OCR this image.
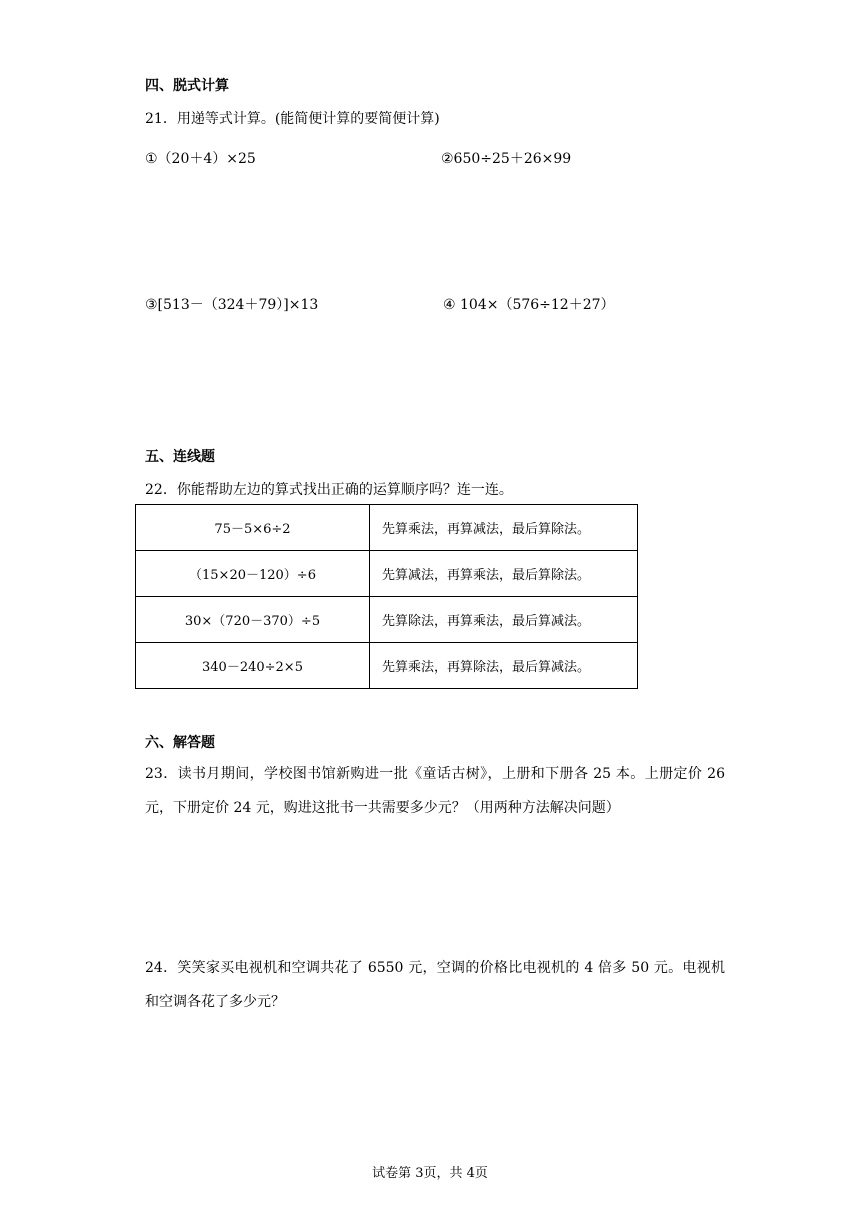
四、脱式计算
21．用递等式计算。(能简便计算的要简便计算)
①（20＋4）×25	②650÷25＋26×99
③[513－（324＋79）]×13	④ 104×（576÷12＋27）
五、连线题
22．你能帮助左边的算式找出正确的运算顺序吗？连一连。
75－5×6÷2	先算乘法，再算减法，最后算除法。
（15×20－120）÷6	先算减法，再算乘法，最后算除法。
30×（720－370）÷5	先算除法，再算乘法，最后算减法。
340－240÷2×5	先算乘法，再算除法，最后算减法。
六、解答题
23．读书月期间，学校图书馆新购进一批《童话古树》，上册和下册各 25 本。上册定价 26 元，下册定价 24 元，购进这批书一共需要多少元？（用两种方法解决问题）
24．笑笑家买电视机和空调共花了 6550 元，空调的价格比电视机的 4 倍多 50 元。电视机和空调各花了多少元？
试卷第 3页，共 4页
